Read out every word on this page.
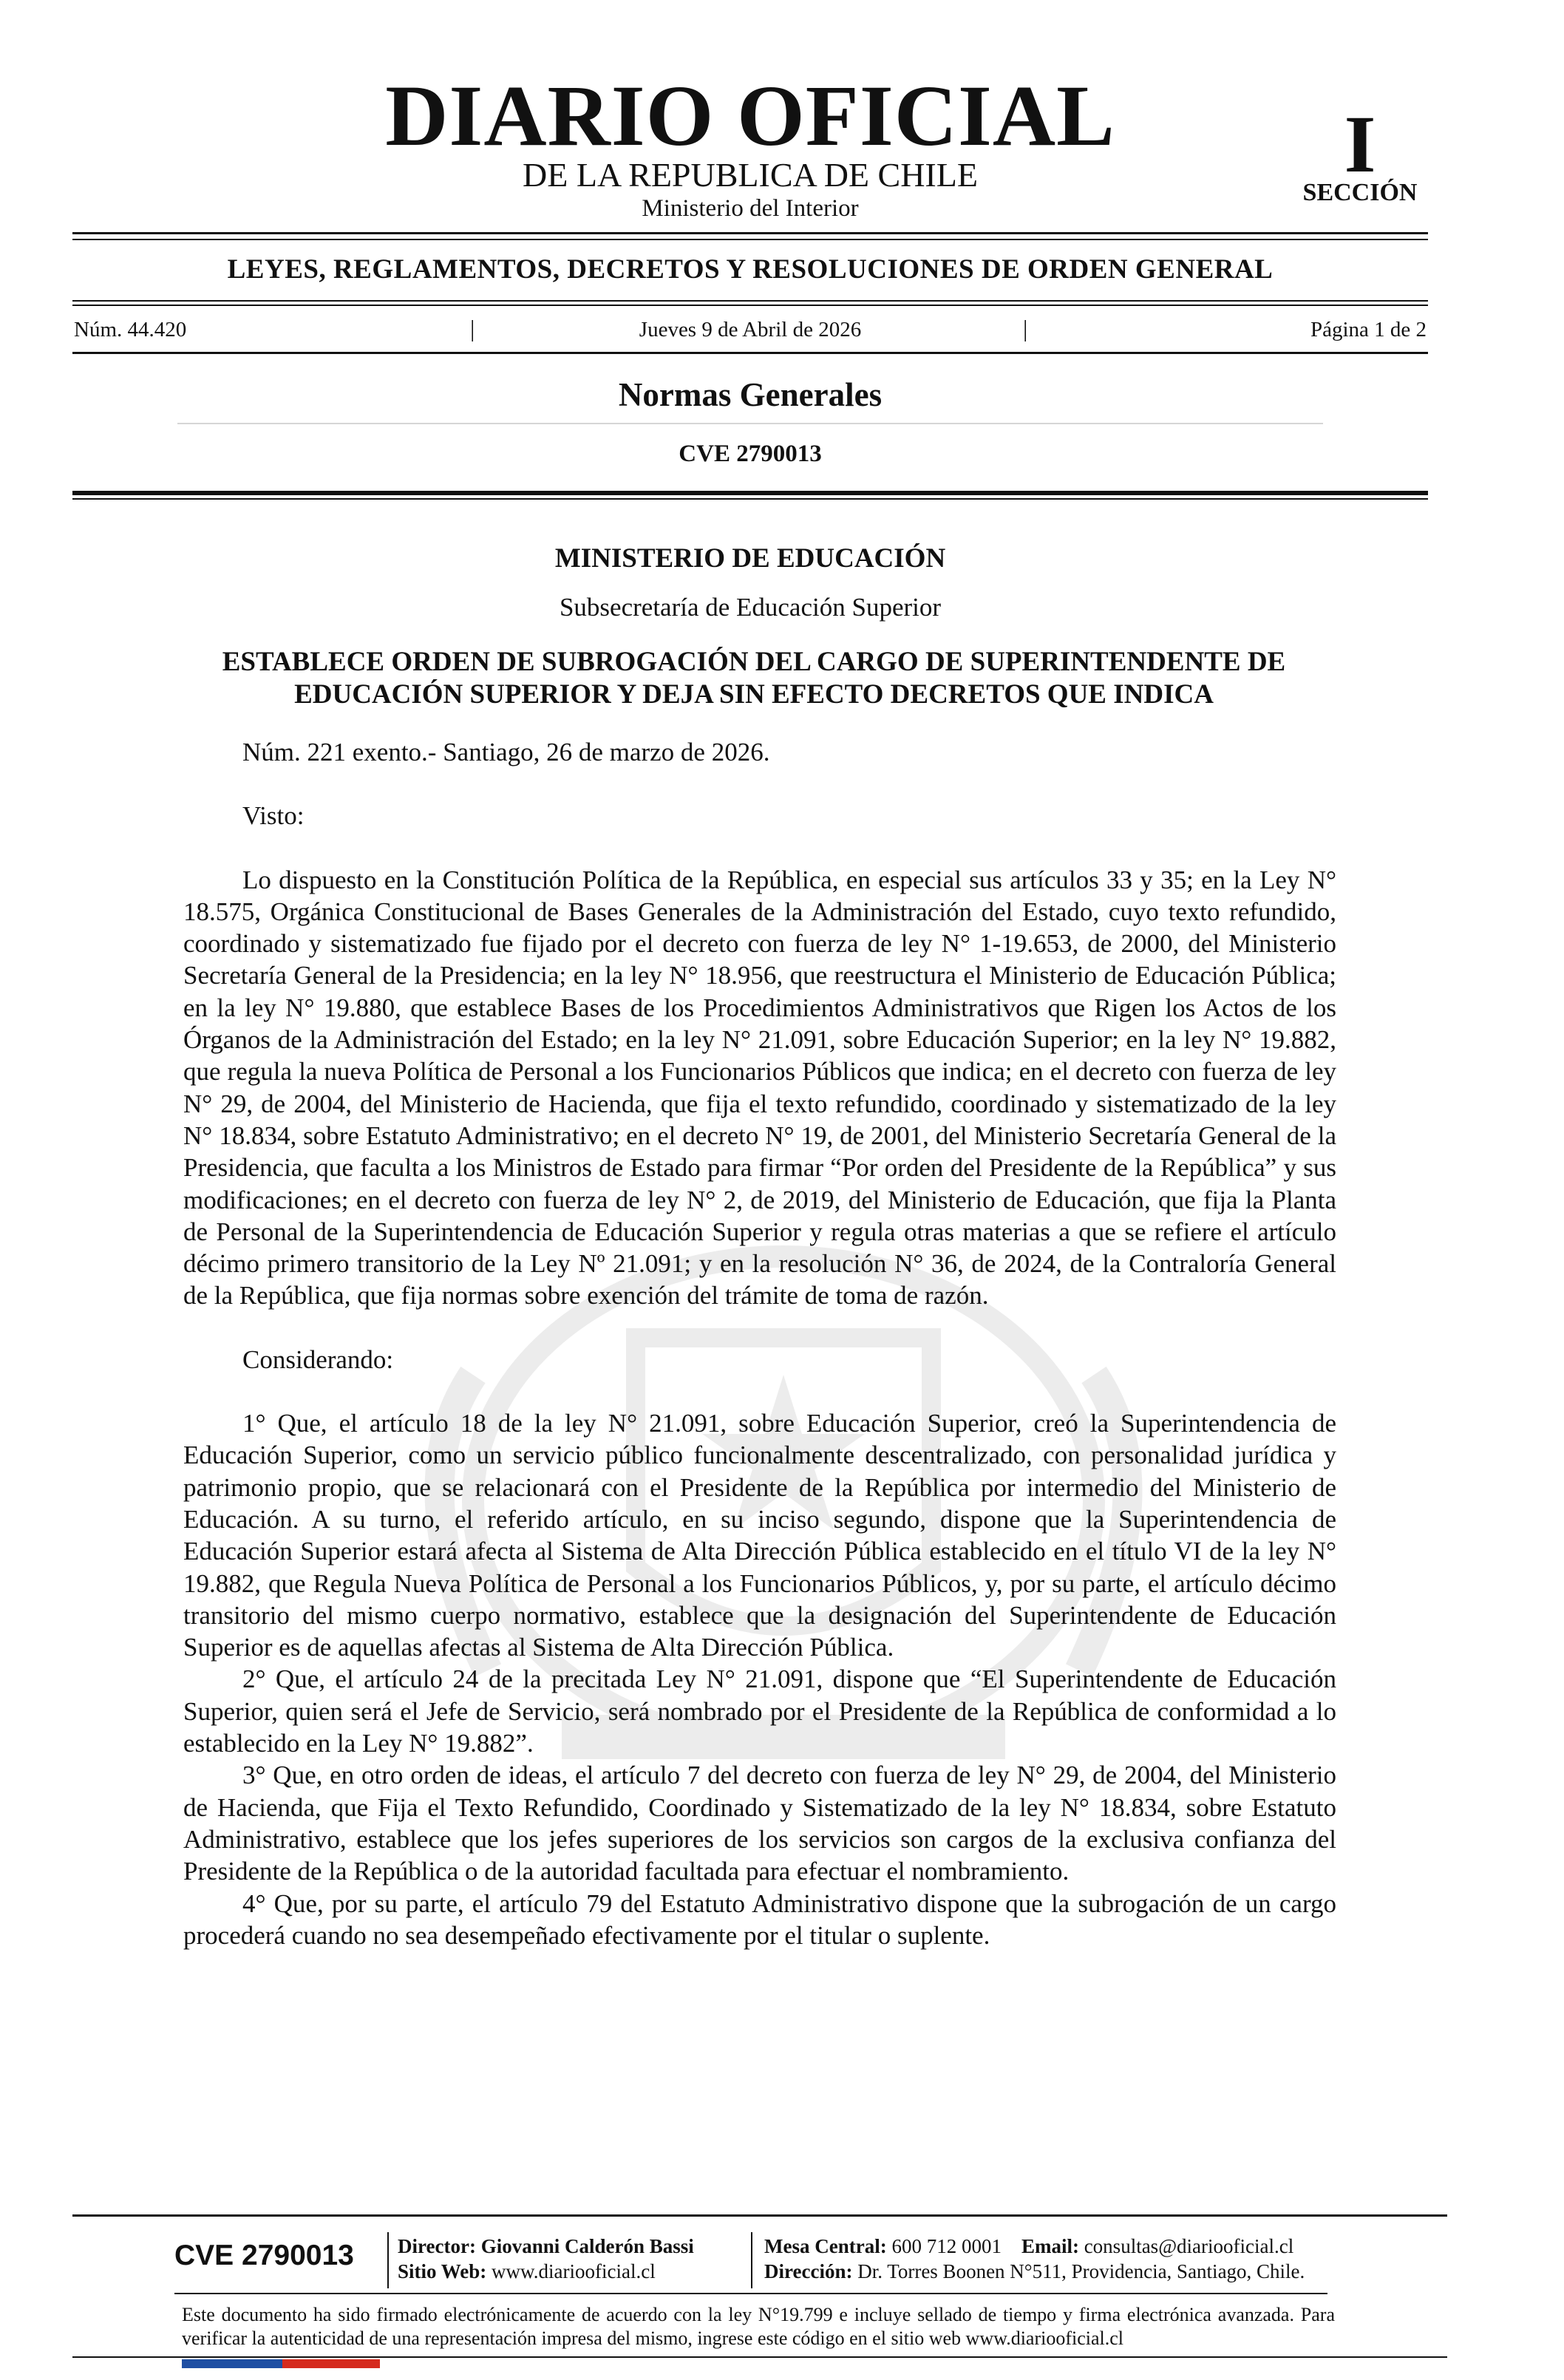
DIARIO OFICIAL
DE LA REPUBLICA DE CHILE
Ministerio del Interior
I
SECCIÓN
LEYES, REGLAMENTOS, DECRETOS Y RESOLUCIONES DE ORDEN GENERAL
Núm. 44.420	|	Jueves 9 de Abril de 2026	|	Página 1 de 2
Normas Generales
CVE 2790013
MINISTERIO DE EDUCACIÓN
Subsecretaría de Educación Superior
ESTABLECE ORDEN DE SUBROGACIÓN DEL CARGO DE SUPERINTENDENTE DE EDUCACIÓN SUPERIOR Y DEJA SIN EFECTO DECRETOS QUE INDICA

Núm. 221 exento.- Santiago, 26 de marzo de 2026.

Visto:

Lo dispuesto en la Constitución Política de la República, en especial sus artículos 33 y 35; en la Ley N° 18.575, Orgánica Constitucional de Bases Generales de la Administración del Estado, cuyo texto refundido, coordinado y sistematizado fue fijado por el decreto con fuerza de ley N° 1-19.653, de 2000, del Ministerio Secretaría General de la Presidencia; en la ley N° 18.956, que reestructura el Ministerio de Educación Pública; en la ley N° 19.880, que establece Bases de los Procedimientos Administrativos que Rigen los Actos de los Órganos de la Administración del Estado; en la ley N° 21.091, sobre Educación Superior; en la ley N° 19.882, que regula la nueva Política de Personal a los Funcionarios Públicos que indica; en el decreto con fuerza de ley N° 29, de 2004, del Ministerio de Hacienda, que fija el texto refundido, coordinado y sistematizado de la ley N° 18.834, sobre Estatuto Administrativo; en el decreto N° 19, de 2001, del Ministerio Secretaría General de la Presidencia, que faculta a los Ministros de Estado para firmar “Por orden del Presidente de la República” y sus modificaciones; en el decreto con fuerza de ley N° 2, de 2019, del Ministerio de Educación, que fija la Planta de Personal de la Superintendencia de Educación Superior y regula otras materias a que se refiere el artículo décimo primero transitorio de la Ley Nº 21.091; y en la resolución N° 36, de 2024, de la Contraloría General de la República, que fija normas sobre exención del trámite de toma de razón.

Considerando:

1° Que, el artículo 18 de la ley N° 21.091, sobre Educación Superior, creó la Superintendencia de Educación Superior, como un servicio público funcionalmente descentralizado, con personalidad jurídica y patrimonio propio, que se relacionará con el Presidente de la República por intermedio del Ministerio de Educación. A su turno, el referido artículo, en su inciso segundo, dispone que la Superintendencia de Educación Superior estará afecta al Sistema de Alta Dirección Pública establecido en el título VI de la ley N° 19.882, que Regula Nueva Política de Personal a los Funcionarios Públicos, y, por su parte, el artículo décimo transitorio del mismo cuerpo normativo, establece que la designación del Superintendente de Educación Superior es de aquellas afectas al Sistema de Alta Dirección Pública.

2° Que, el artículo 24 de la precitada Ley N° 21.091, dispone que “El Superintendente de Educación Superior, quien será el Jefe de Servicio, será nombrado por el Presidente de la República de conformidad a lo establecido en la Ley N° 19.882”.

3° Que, en otro orden de ideas, el artículo 7 del decreto con fuerza de ley N° 29, de 2004, del Ministerio de Hacienda, que Fija el Texto Refundido, Coordinado y Sistematizado de la ley N° 18.834, sobre Estatuto Administrativo, establece que los jefes superiores de los servicios son cargos de la exclusiva confianza del Presidente de la República o de la autoridad facultada para efectuar el nombramiento.

4° Que, por su parte, el artículo 79 del Estatuto Administrativo dispone que la subrogación de un cargo procederá cuando no sea desempeñado efectivamente por el titular o suplente.

CVE 2790013 Director: Giovanni Calderón Bassi
Sitio Web: www.diariooficial.cl
Mesa Central: 600 712 0001 Email: consultas@diariooficial.cl
Dirección: Dr. Torres Boonen N°511, Providencia, Santiago, Chile.
Este documento ha sido firmado electrónicamente de acuerdo con la ley N°19.799 e incluye sellado de tiempo y firma electrónica avanzada. Para verificar la autenticidad de una representación impresa del mismo, ingrese este código en el sitio web www.diariooficial.cl
